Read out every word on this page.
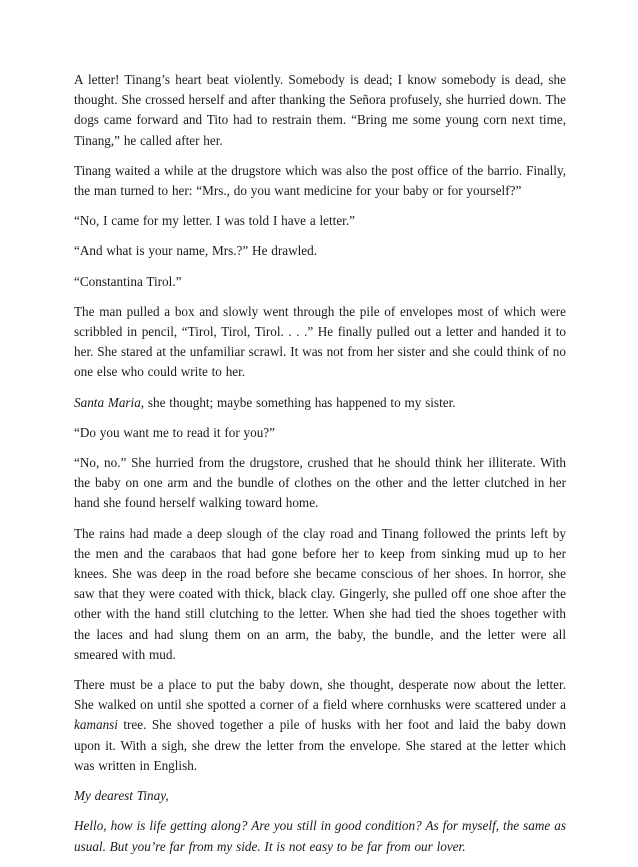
A letter! Tinang’s heart beat violently. Somebody is dead; I know somebody is dead, she thought. She crossed herself and after thanking the Señora profusely, she hurried down. The dogs came forward and Tito had to restrain them. “Bring me some young corn next time, Tinang,” he called after her.

Tinang waited a while at the drugstore which was also the post office of the barrio. Finally, the man turned to her: “Mrs., do you want medicine for your baby or for yourself?”

“No, I came for my letter. I was told I have a letter.”

“And what is your name, Mrs.?” He drawled.

“Constantina Tirol.”

The man pulled a box and slowly went through the pile of envelopes most of which were scribbled in pencil, “Tirol, Tirol, Tirol. . . .” He finally pulled out a letter and handed it to her. She stared at the unfamiliar scrawl. It was not from her sister and she could think of no one else who could write to her.

Santa Maria, she thought; maybe something has happened to my sister.

“Do you want me to read it for you?”

“No, no.” She hurried from the drugstore, crushed that he should think her illiterate. With the baby on one arm and the bundle of clothes on the other and the letter clutched in her hand she found herself walking toward home.

The rains had made a deep slough of the clay road and Tinang followed the prints left by the men and the carabaos that had gone before her to keep from sinking mud up to her knees. She was deep in the road before she became conscious of her shoes. In horror, she saw that they were coated with thick, black clay. Gingerly, she pulled off one shoe after the other with the hand still clutching to the letter. When she had tied the shoes together with the laces and had slung them on an arm, the baby, the bundle, and the letter were all smeared with mud.

There must be a place to put the baby down, she thought, desperate now about the letter. She walked on until she spotted a corner of a field where cornhusks were scattered under a kamansi tree. She shoved together a pile of husks with her foot and laid the baby down upon it. With a sigh, she drew the letter from the envelope. She stared at the letter which was written in English.

My dearest Tinay,

Hello, how is life getting along? Are you still in good condition? As for myself, the same as usual. But you’re far from my side. It is not easy to be far from our lover.
